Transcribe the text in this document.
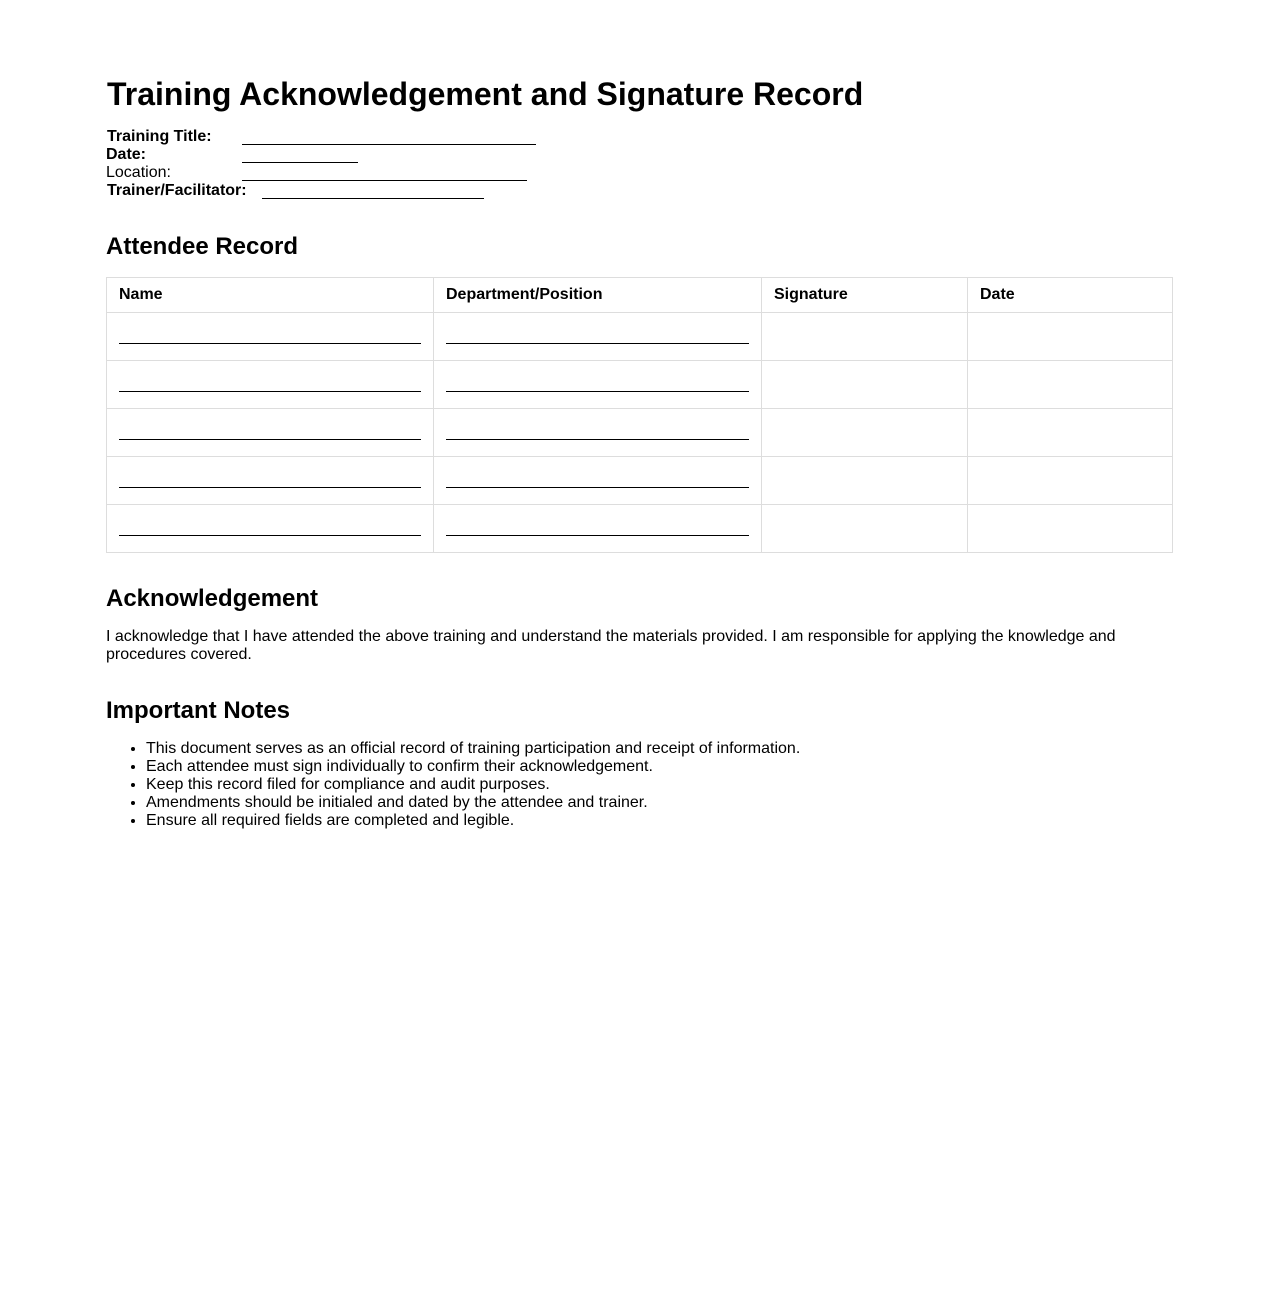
Training Acknowledgement and Signature Record
Training Title:
Date:
Location:
Trainer/Facilitator:
Attendee Record
Name	Department/Position	Signature	Date

Acknowledgement

I acknowledge that I have attended the above training and understand the materials provided. I am responsible for applying the knowledge and procedures covered.

Important Notes
• This document serves as an official record of training participation and receipt of information.
• Each attendee must sign individually to confirm their acknowledgement.
• Keep this record filed for compliance and audit purposes.
• Amendments should be initialed and dated by the attendee and trainer.
• Ensure all required fields are completed and legible.
